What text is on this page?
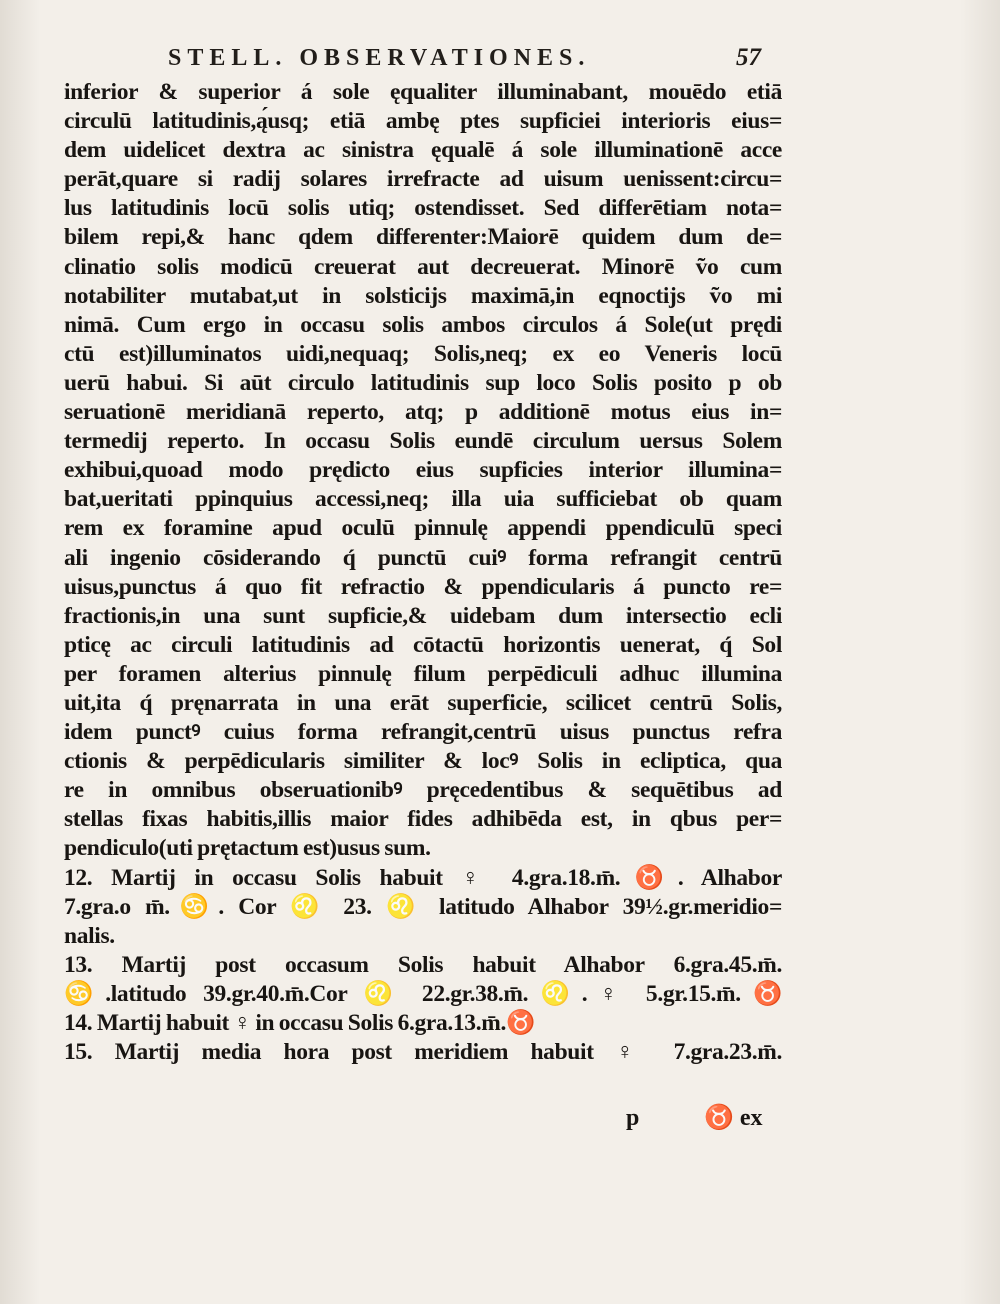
STELL. OBSERVATIONES.	57
inferior & superior á sole ęqualiter illuminabant, mouēdo etiā
circulū latitudinis,ą́usq; etiā ambę ptes supficiei interioris eius=
dem uidelicet dextra ac sinistra ęqualē á sole illuminationē acce
perāt,quare si radij solares irrefracte ad uisum uenissent:circu=
lus latitudinis locū solis utiq; ostendisset. Sed differētiam nota=
bilem repi,& hanc qdem differenter:Maiorē quidem dum de=
clinatio solis modicū creuerat aut decreuerat. Minorē ṽo cum
notabiliter mutabat,ut in solsticijs maximā,in eqnoctijs ṽo mi
nimā. Cum ergo in occasu solis ambos circulos á Sole(ut prędi
ctū est)illuminatos uidi,nequaq; Solis,neq; ex eo Veneris locū
uerū habui. Si aūt circulo latitudinis sup loco Solis posito p ob
seruationē meridianā reperto, atq; p additionē motus eius in=
termedij reperto. In occasu Solis eundē circulum uersus Solem
exhibui,quoad modo prędicto eius supficies interior illumina=
bat,ueritati ppinquius accessi,neq; illa uia sufficiebat ob quam
rem ex foramine apud oculū pinnulę appendi ppendiculū speci
ali ingenio cōsiderando q́ punctū cuiꝰ forma refrangit centrū
uisus,punctus á quo fit refractio & ppendicularis á puncto re=
fractionis,in una sunt supficie,& uidebam dum intersectio ecli
pticę ac circuli latitudinis ad cōtactū horizontis uenerat, q́ Sol
per foramen alterius pinnulę filum perpēdiculi adhuc illumina
uit,ita q́ pręnarrata in una erāt superficie, scilicet centrū Solis,
idem punctꝰ cuius forma refrangit,centrū uisus punctus refra
ctionis & perpēdicularis similiter & locꝰ Solis in ecliptica, qua
re in omnibus obseruationibꝰ pręcedentibus & sequētibus ad
stellas fixas habitis,illis maior fides adhibēda est, in qbus per=
pendiculo(uti prętactum est)usus sum.
12. Martij in occasu Solis habuit ♀ 4.gra.18.m̄.♉. Alhabor
7.gra.o m̄.♋. Cor ♌ 23. ♌ latitudo Alhabor 39½.gr.meridio=
nalis.
13. Martij post occasum Solis habuit Alhabor 6.gra.45.m̄.
♋.latitudo 39.gr.40.m̄.Cor ♌ 22.gr.38.m̄.♌.♀ 5.gr.15.m̄.♉
14. Martij habuit ♀ in occasu Solis 6.gra.13.m̄.♉
15. Martij media hora post meridiem habuit ♀ 7.gra.23.m̄.
p	♉ ex
